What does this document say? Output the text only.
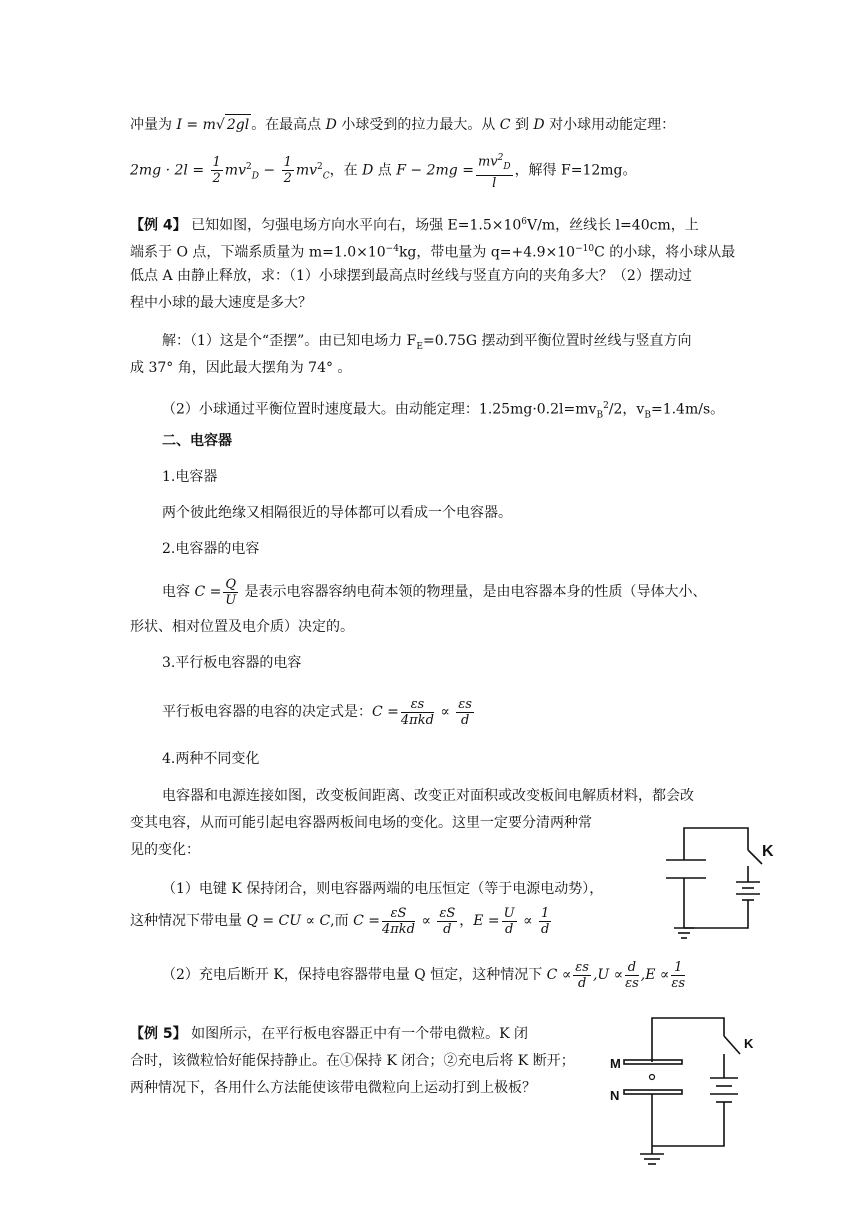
冲量为 I = m√ 2gl 。在最高点 D 小球受到的拉力最大。从 C 到 D 对小球用动能定理：
$2mg \cdot 2l = \frac{1}{2} mv^2_D - \frac{1}{2} mv^2_C$，在 D 点 $F - 2mg = \frac{mv^2_D}{l}$ ，解得 F=12mg。
【例 4】 已知如图，匀强电场方向水平向右，场强 $E=1.5\times 10^6V/m$，丝线长 l=40cm，上
端系于 O 点，下端系质量为 $m=1.0\times 10^{-4}kg$，带电量为 $q=+4.9\times 10^{-10}C$ 的小球，将小球从最
低点 A 由静止释放，求：（1）小球摆到最高点时丝线与竖直方向的夹角多大？（2）摆动过
程中小球的最大速度是多大？
解：（1）这是个“歪摆”。由已知电场力 $F_E=0.75G$ 摆动到平衡位置时丝线与竖直方向
成 37° 角，因此最大摆角为 74° 。
（2）小球通过平衡位置时速度最大。由动能定理：$1.25mg\cdot 0.2l=mv_B^2/2$，$v_B=1.4m/s$。
二、电容器
1.电容器
两个彼此绝缘又相隔很近的导体都可以看成一个电容器。
2.电容器的电容
电容 $C = \frac{Q}{U}$ 是表示电容器容纳电荷本领的物理量，是由电容器本身的性质（导体大小、
形状、相对位置及电介质）决定的。
3.平行板电容器的电容
平行板电容器的电容的决定式是：$C = \frac{\varepsilon s}{\text{4πkd}} \propto \frac{\varepsilon s}{d}$
4.两种不同变化
电容器和电源连接如图，改变板间距离、改变正对面积或改变板间电解质材料，都会改
变其电容，从而可能引起电容器两板间电场的变化。这里一定要分清两种常
见的变化：
（1）电键 K 保持闭合，则电容器两端的电压恒定（等于电源电动势），
这种情况下带电量 Q = CU ∝ C,而 $C = \frac{\varepsilon S}{\text{4πkd}} \propto \frac{\varepsilon S}{d}$ ，$E = \frac{U}{d} \propto \frac{1}{d}$
（2）充电后断开 K，保持电容器带电量 Q 恒定，这种情况下 $C \propto \frac{\varepsilon s}{d} ,U \propto \frac{d}{\varepsilon s} ,E \propto \frac{1}{\varepsilon s}$
【例 5】 如图所示，在平行板电容器正中有一个带电微粒。K 闭
合时，该微粒恰好能保持静止。在①保持 K 闭合；②充电后将 K 断开；
两种情况下，各用什么方法能使该带电微粒向上运动打到上极板？
K
M
N
K
